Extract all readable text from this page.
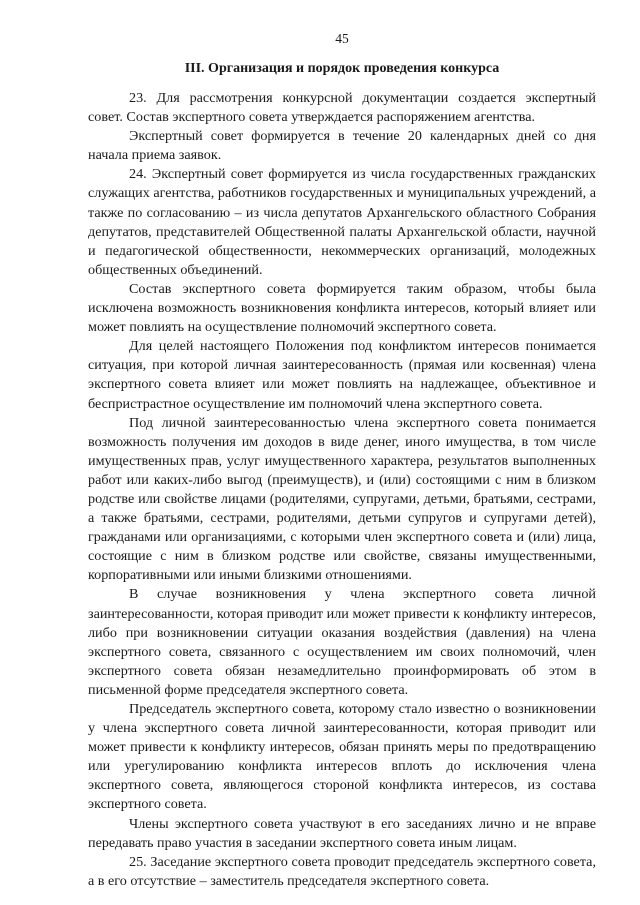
45
III. Организация и порядок проведения конкурса

23. Для рассмотрения конкурсной документации создается экспертный совет. Состав экспертного совета утверждается распоряжением агентства.

Экспертный совет формируется в течение 20 календарных дней со дня начала приема заявок.

24. Экспертный совет формируется из числа государственных гражданских служащих агентства, работников государственных и муниципальных учреждений, а также по согласованию – из числа депутатов Архангельского областного Собрания депутатов, представителей Общественной палаты Архангельской области, научной и педагогической общественности, некоммерческих организаций, молодежных общественных объединений.

Состав экспертного совета формируется таким образом, чтобы была исключена возможность возникновения конфликта интересов, который влияет или может повлиять на осуществление полномочий экспертного совета.

Для целей настоящего Положения под конфликтом интересов понимается ситуация, при которой личная заинтересованность (прямая или косвенная) члена экспертного совета влияет или может повлиять на надлежащее, объективное и беспристрастное осуществление им полномочий члена экспертного совета.

Под личной заинтересованностью члена экспертного совета понимается возможность получения им доходов в виде денег, иного имущества, в том числе имущественных прав, услуг имущественного характера, результатов выполненных работ или каких-либо выгод (преимуществ), и (или) состоящими с ним в близком родстве или свойстве лицами (родителями, супругами, детьми, братьями, сестрами, а также братьями, сестрами, родителями, детьми супругов и супругами детей), гражданами или организациями, с которыми член экспертного совета и (или) лица, состоящие с ним в близком родстве или свойстве, связаны имущественными, корпоративными или иными близкими отношениями.

В случае возникновения у члена экспертного совета личной заинтересованности, которая приводит или может привести к конфликту интересов, либо при возникновении ситуации оказания воздействия (давления) на члена экспертного совета, связанного с осуществлением им своих полномочий, член экспертного совета обязан незамедлительно проинформировать об этом в письменной форме председателя экспертного совета.

Председатель экспертного совета, которому стало известно о возникновении у члена экспертного совета личной заинтересованности, которая приводит или может привести к конфликту интересов, обязан принять меры по предотвращению или урегулированию конфликта интересов вплоть до исключения члена экспертного совета, являющегося стороной конфликта интересов, из состава экспертного совета.

Члены экспертного совета участвуют в его заседаниях лично и не вправе передавать право участия в заседании экспертного совета иным лицам.

25. Заседание экспертного совета проводит председатель экспертного совета, а в его отсутствие – заместитель председателя экспертного совета.
